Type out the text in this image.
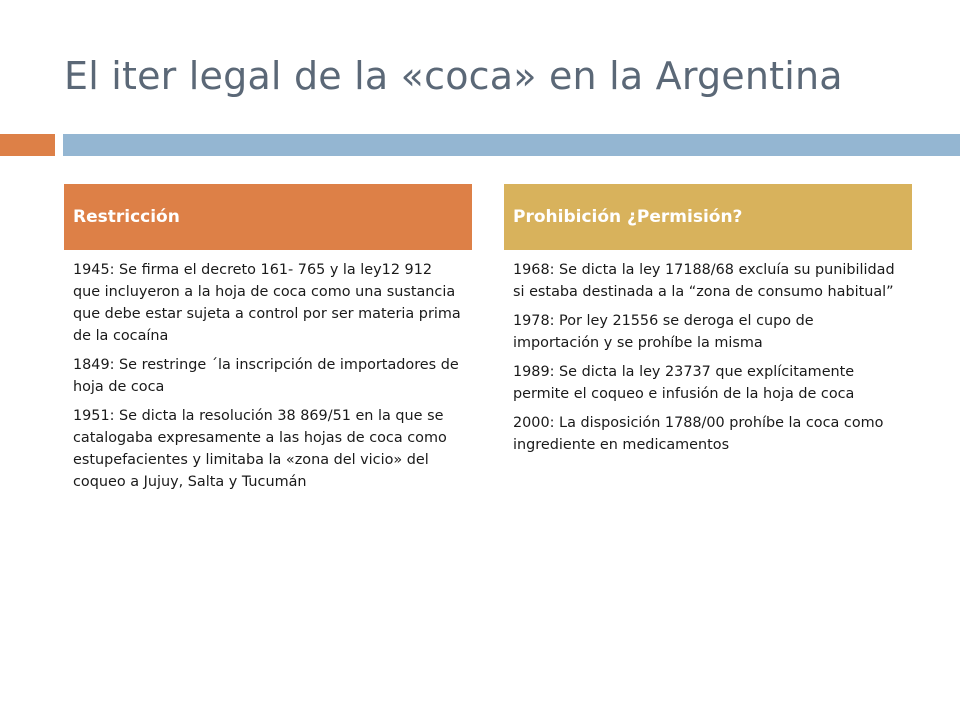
El iter legal de la «coca» en la Argentina
Restricción

1945: Se firma el decreto 161- 765 y la ley12 912 que incluyeron a la hoja de coca como una sustancia que debe estar sujeta a control por ser materia prima de la cocaína

1849: Se restringe ´la inscripción de importadores de hoja de coca

1951: Se dicta la resolución 38 869/51 en la que se catalogaba expresamente a las hojas de coca como estupefacientes y limitaba la «zona del vicio» del coqueo a Jujuy, Salta y Tucumán

Prohibición ¿Permisión?

1968: Se dicta la ley 17188/68 excluía su punibilidad si estaba destinada a la “zona de consumo habitual”

1978: Por ley 21556 se deroga el cupo de importación y se prohíbe la misma

1989: Se dicta la ley 23737 que explícitamente permite el coqueo e infusión de la hoja de coca

2000: La disposición 1788/00 prohíbe la coca como ingrediente en medicamentos
